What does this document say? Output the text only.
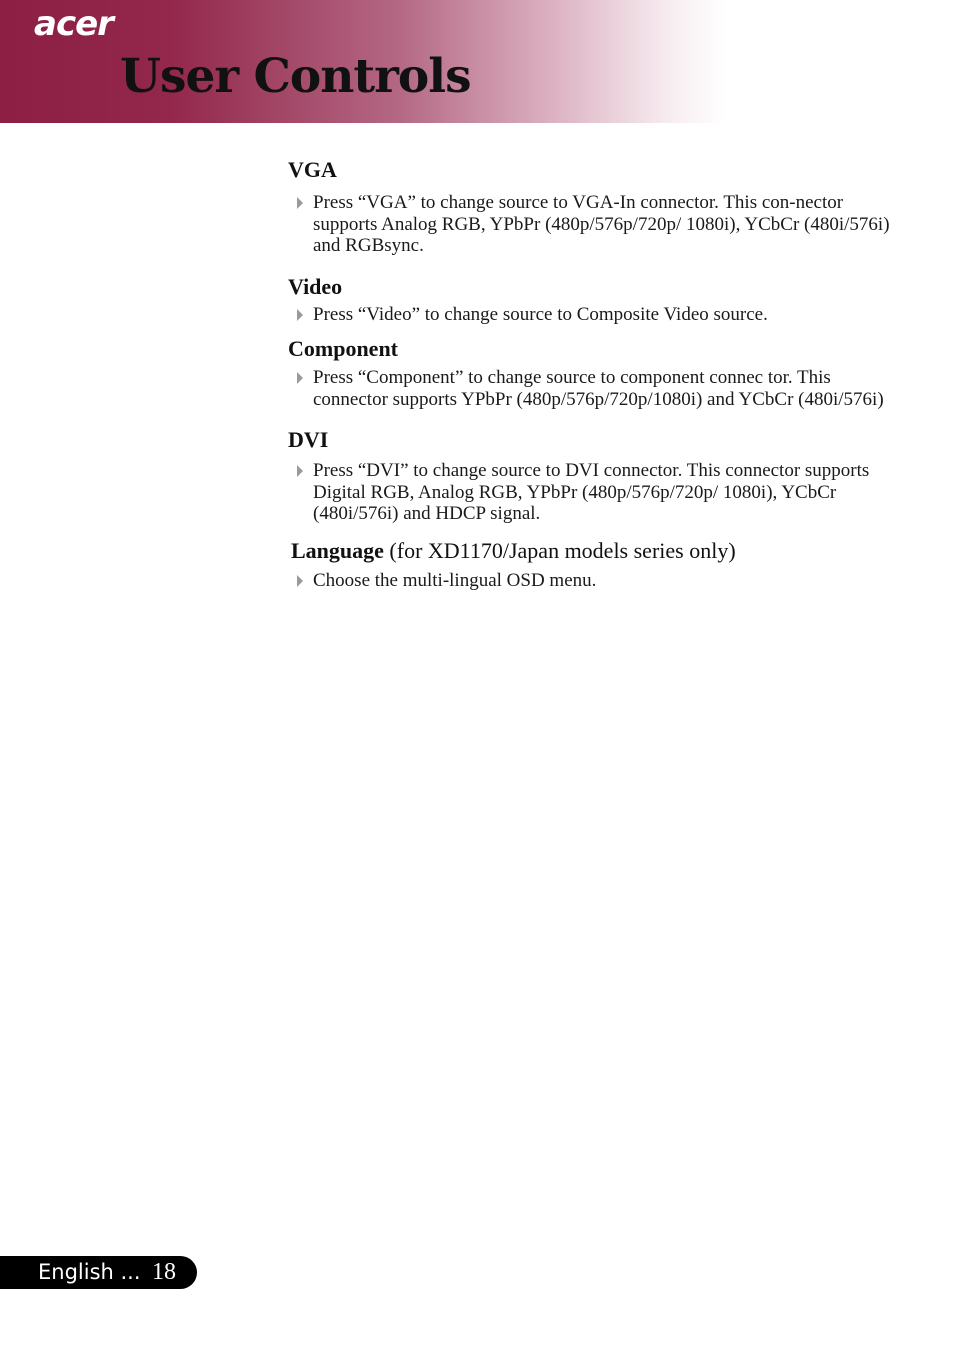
acer
User Controls
VGA
Press “VGA” to change source to VGA-In connector. This con-nector supports Analog RGB, YPbPr (480p/576p/720p/ 1080i), YCbCr (480i/576i) and RGBsync.
Video
Press “Video” to change source to Composite Video source.
Component
Press “Component” to change source to component connec tor. This connector supports YPbPr (480p/576p/720p/1080i) and YCbCr (480i/576i)
DVI
Press “DVI” to change source to DVI connector. This connector supports Digital RGB, Analog RGB, YPbPr (480p/576p/720p/ 1080i), YCbCr (480i/576i) and HDCP signal.
Language (for XD1170/Japan models series only)
Choose the multi-lingual OSD menu.
English ... 18
